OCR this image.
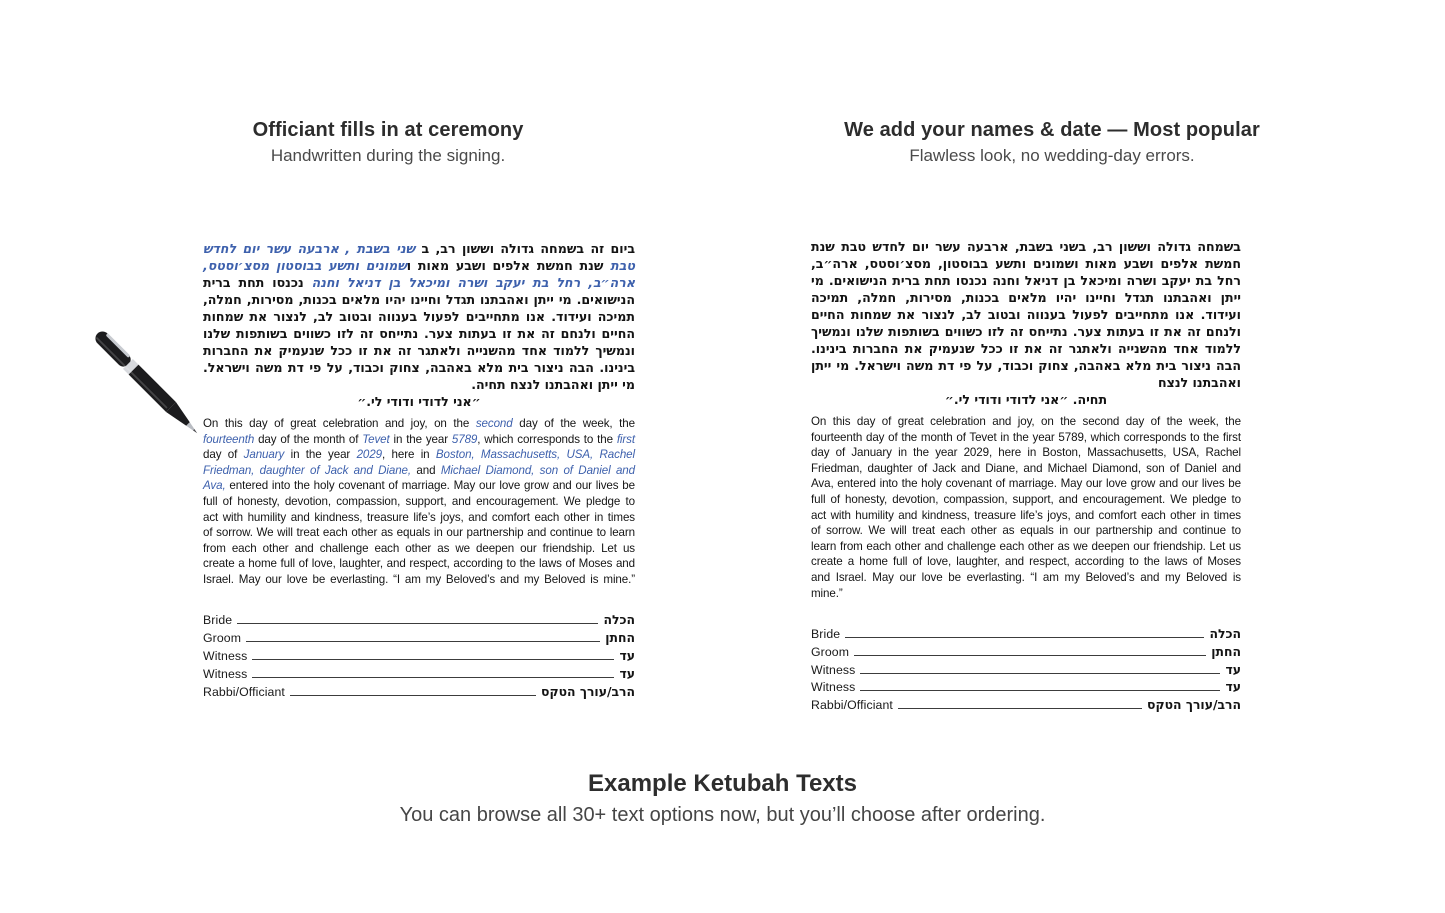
Officiant fills in at ceremony
Handwritten during the signing.
We add your names & date — Most popular
Flawless look, no wedding-day errors.
ביום זה בשמחה גדולה וששון רב, ב שני בשבת , ארבעה עשר יום לחדש טבת שנת חמשת אלפים ושבע מאות ושמונים ותשע בבוסטון מסצ׳וסטס, ארה״ב, רחל בת יעקב ושרה ומיכאל בן דניאל וחנה נכנסו תחת ברית הנישואים. מי ייתן ואהבתנו תגדל וחיינו יהיו מלאים בכנות, מסירות, חמלה, תמיכה ועידוד. אנו מתחייבים לפעול בענווה ובטוב לב, לנצור את שמחות החיים ולנחם זה את זו בעתות צער. נתייחס זה לזו כשווים בשותפות שלנו ונמשיך ללמוד אחד מהשנייה ולאתגר זה את זו ככל שנעמיק את החברות בינינו. הבה ניצור בית מלא באהבה, צחוק וכבוד, על פי דת משה וישראל. מי ייתן ואהבתנו לנצח תחיה.
״אני לדודי ודודי לי.״
On this day of great celebration and joy, on the second day of the week, the fourteenth day of the month of Tevet in the year 5789, which corresponds to the first day of January in the year 2029, here in Boston, Massachusetts, USA, Rachel Friedman, daughter of Jack and Diane, and Michael Diamond, son of Daniel and Ava, entered into the holy covenant of marriage. May our love grow and our lives be full of honesty, devotion, compassion, support, and encouragement. We pledge to act with humility and kindness, treasure life’s joys, and comfort each other in times of sorrow. We will treat each other as equals in our partnership and continue to learn from each other and challenge each other as we deepen our friendship. Let us create a home full of love, laughter, and respect, according to the laws of Moses and Israel. May our love be everlasting. “I am my Beloved’s and my Beloved is mine.”
Bride	הכלה
Groom	החתן
Witness	עד
Witness	עד
Rabbi/Officiant	הרב/עורך הטקס
בשמחה גדולה וששון רב, בשני בשבת, ארבעה עשר יום לחדש טבת שנת חמשת אלפים ושבע מאות ושמונים ותשע בבוסטון, מסצ׳וסטס, ארה״ב, רחל בת יעקב ושרה ומיכאל בן דניאל וחנה נכנסו תחת ברית הנישואים. מי ייתן ואהבתנו תגדל וחיינו יהיו מלאים בכנות, מסירות, חמלה, תמיכה ועידוד. אנו מתחייבים לפעול בענווה ובטוב לב, לנצור את שמחות החיים ולנחם זה את זו בעתות צער. נתייחס זה לזו כשווים בשותפות שלנו ונמשיך ללמוד אחד מהשנייה ולאתגר זה את זו ככל שנעמיק את החברות בינינו. הבה ניצור בית מלא באהבה, צחוק וכבוד, על פי דת משה וישראל. מי ייתן ואהבתנו לנצח
תחיה. ״אני לדודי ודודי לי.״
On this day of great celebration and joy, on the second day of the week, the fourteenth day of the month of Tevet in the year 5789, which corresponds to the first day of January in the year 2029, here in Boston, Massachusetts, USA, Rachel Friedman, daughter of Jack and Diane, and Michael Diamond, son of Daniel and Ava, entered into the holy covenant of marriage. May our love grow and our lives be full of honesty, devotion, compassion, support, and encouragement. We pledge to act with humility and kindness, treasure life’s joys, and comfort each other in times of sorrow. We will treat each other as equals in our partnership and continue to learn from each other and challenge each other as we deepen our friendship. Let us create a home full of love, laughter, and respect, according to the laws of Moses and Israel. May our love be everlasting. “I am my Beloved’s and my Beloved is mine.”
Bride	הכלה
Groom	החתן
Witness	עד
Witness	עד
Rabbi/Officiant	הרב/עורך הטקס
Example Ketubah Texts
You can browse all 30+ text options now, but you’ll choose after ordering.
